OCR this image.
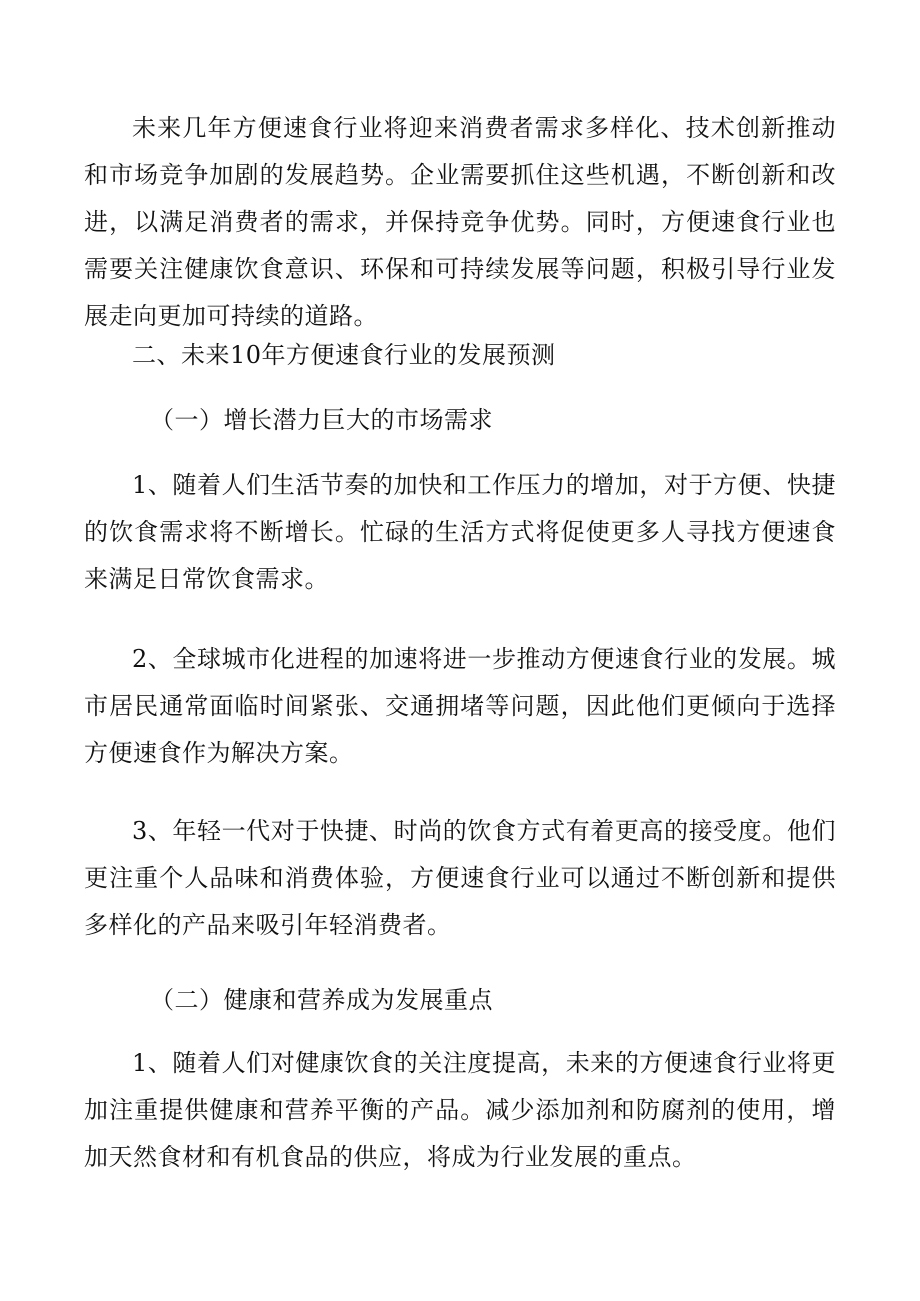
未来几年方便速食行业将迎来消费者需求多样化、技术创新推动和市场竞争加剧的发展趋势。企业需要抓住这些机遇，不断创新和改进，以满足消费者的需求，并保持竞争优势。同时，方便速食行业也需要关注健康饮食意识、环保和可持续发展等问题，积极引导行业发展走向更加可持续的道路。

二、未来10年方便速食行业的发展预测

（一）增长潜力巨大的市场需求

1、随着人们生活节奏的加快和工作压力的增加，对于方便、快捷的饮食需求将不断增长。忙碌的生活方式将促使更多人寻找方便速食来满足日常饮食需求。

2、全球城市化进程的加速将进一步推动方便速食行业的发展。城市居民通常面临时间紧张、交通拥堵等问题，因此他们更倾向于选择方便速食作为解决方案。

3、年轻一代对于快捷、时尚的饮食方式有着更高的接受度。他们更注重个人品味和消费体验，方便速食行业可以通过不断创新和提供多样化的产品来吸引年轻消费者。

（二）健康和营养成为发展重点

1、随着人们对健康饮食的关注度提高，未来的方便速食行业将更加注重提供健康和营养平衡的产品。减少添加剂和防腐剂的使用，增加天然食材和有机食品的供应，将成为行业发展的重点。
